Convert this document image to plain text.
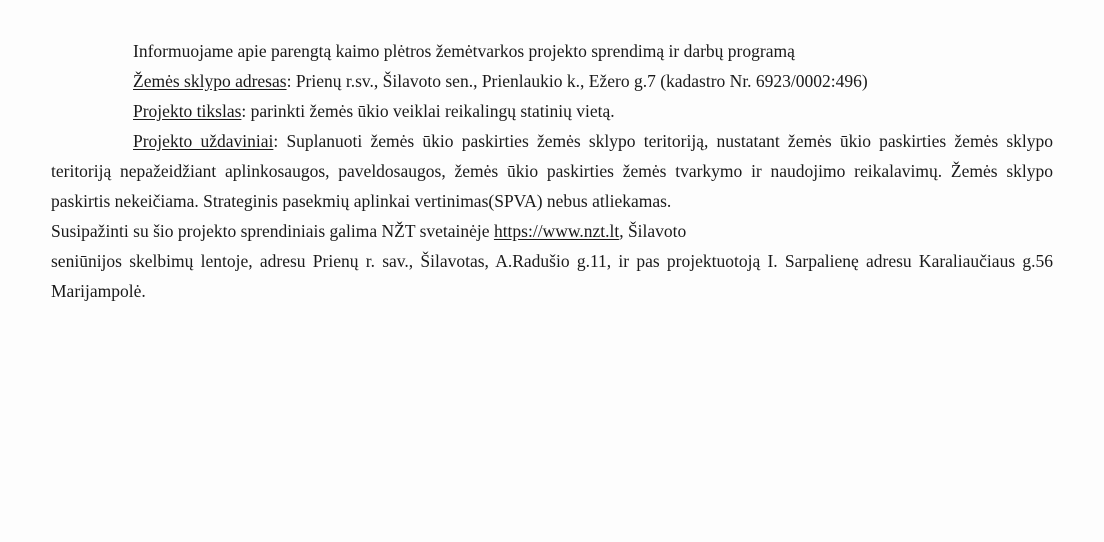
Informuojame apie parengtą kaimo plėtros žemėtvarkos projekto sprendimą ir darbų programą

Žemės sklypo adresas: Prienų r.sv., Šilavoto sen., Prienlaukio k., Ežero g.7 (kadastro Nr. 6923/0002:496)

Projekto tikslas: parinkti žemės ūkio veiklai reikalingų statinių vietą.

Projekto uždaviniai: Suplanuoti žemės ūkio paskirties žemės sklypo teritoriją, nustatant žemės ūkio paskirties žemės sklypo teritoriją nepažeidžiant aplinkosaugos, paveldosaugos, žemės ūkio paskirties žemės tvarkymo ir naudojimo reikalavimų. Žemės sklypo paskirtis nekeičiama. Strateginis pasekmių aplinkai vertinimas(SPVA) nebus atliekamas.

Susipažinti su šio projekto sprendiniais galima NŽT svetainėje https://www.nzt.lt, Šilavoto

seniūnijos skelbimų lentoje, adresu Prienų r. sav., Šilavotas, A.Radušio g.11, ir pas projektuotoją I. Sarpalienę adresu Karaliaučiaus g.56 Marijampolė.
